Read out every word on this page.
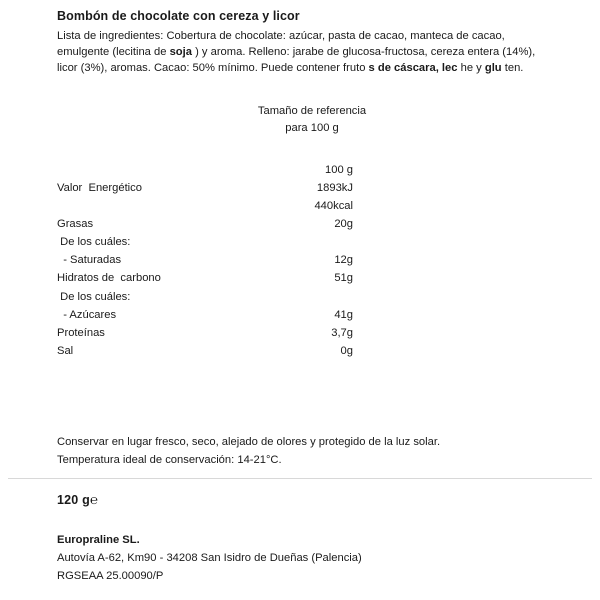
Bombón de chocolate con cereza y licor
Lista de ingredientes: Cobertura de chocolate: azúcar, pasta de cacao, manteca de cacao, emulgente (lecitina de soja ) y aroma. Relleno: jarabe de glucosa-fructosa, cereza entera (14%), licor (3%), aromas. Cacao: 50% mínimo. Puede contener fruto s de cáscara, lec he y glu ten.
Tamaño de referencia
para 100 g
	100 g
Valor  Energético	1893kJ
	440kcal
Grasas	20g
De los cuáles:	
- Saturadas	12g
Hidratos de  carbono	51g
De los cuáles:	
- Azúcares	41g
Proteínas	3,7g
Sal	0g
Conservar en lugar fresco, seco, alejado de olores y protegido de la luz solar.
Temperatura ideal de conservación: 14-21°C.
120 g℮
Europraline SL.
Autovía A-62, Km90 - 34208 San Isidro de Dueñas (Palencia)
RGSEAA 25.00090/P
